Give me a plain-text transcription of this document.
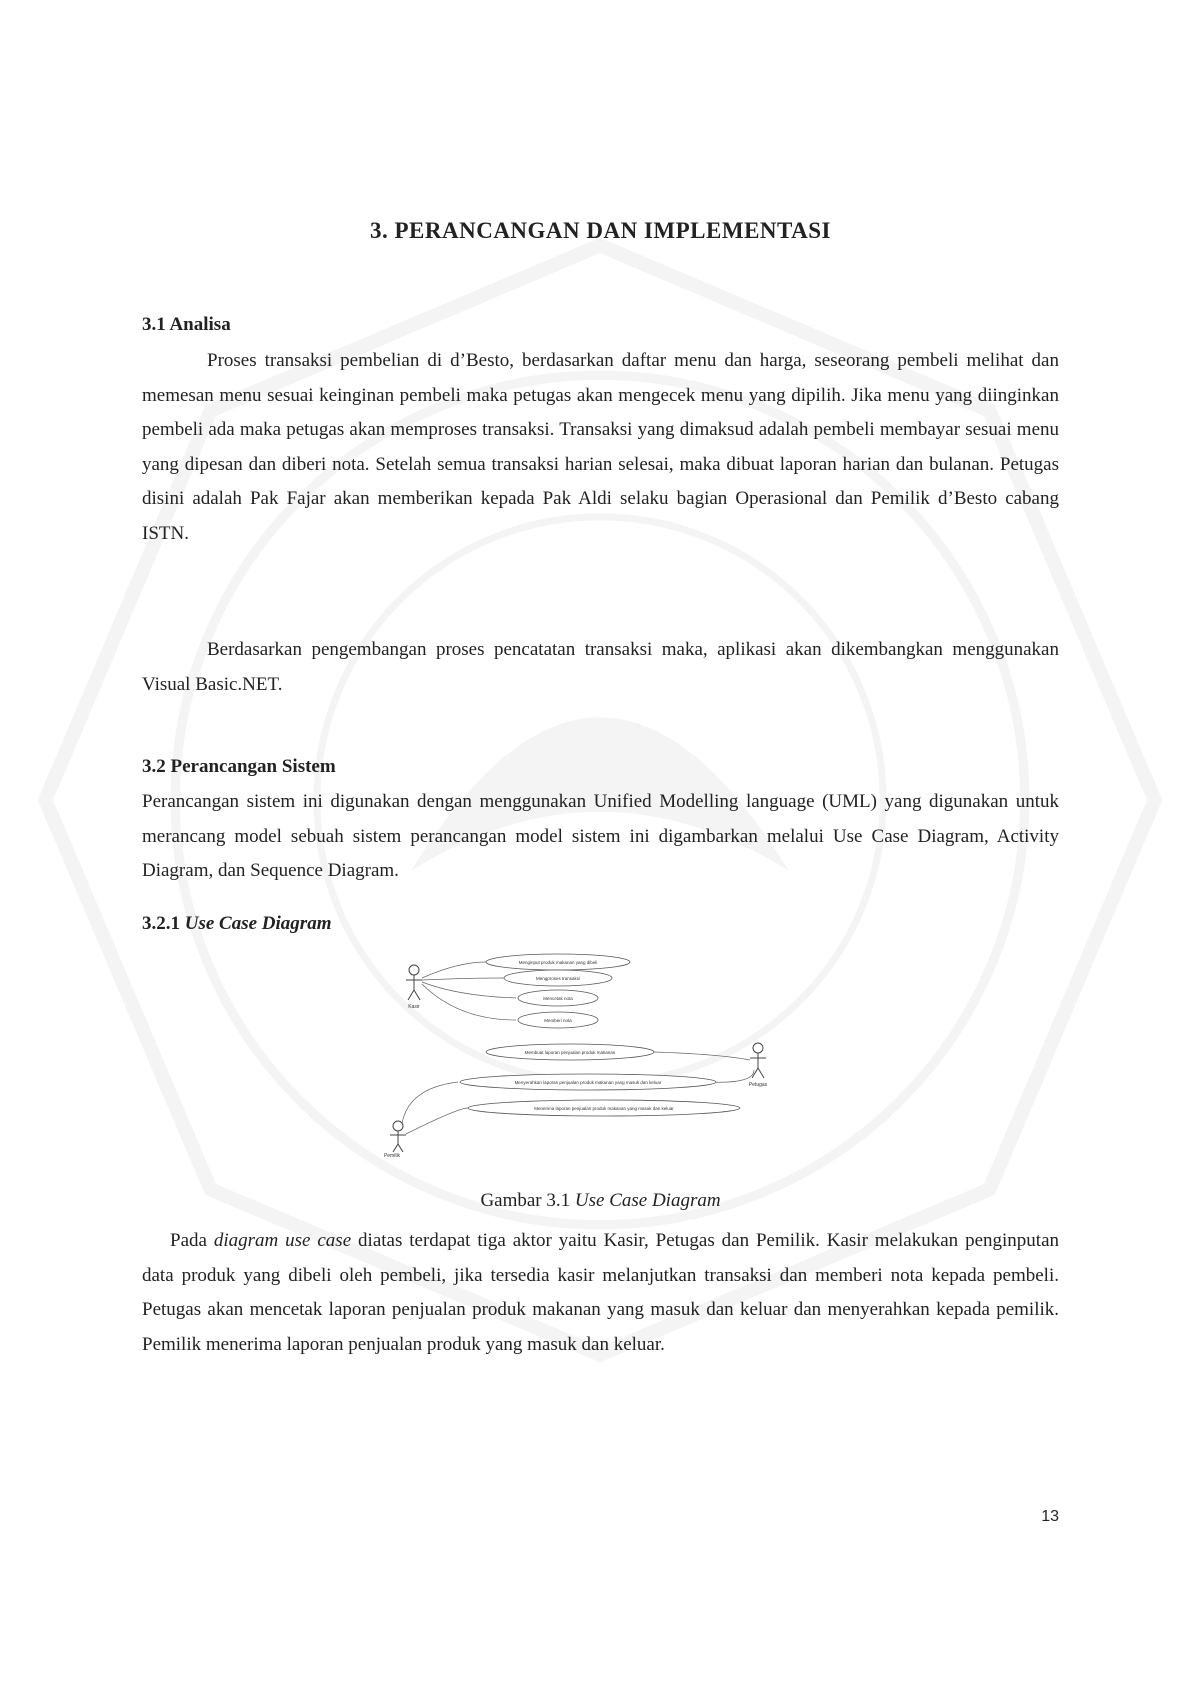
3. PERANCANGAN DAN IMPLEMENTASI
3.1 Analisa

Proses transaksi pembelian di d’Besto, berdasarkan daftar menu dan harga, seseorang pembeli melihat dan memesan menu sesuai keinginan pembeli maka petugas akan mengecek menu yang dipilih. Jika menu yang diinginkan pembeli ada maka petugas akan memproses transaksi. Transaksi yang dimaksud adalah pembeli membayar sesuai menu yang dipesan dan diberi nota. Setelah semua transaksi harian selesai, maka dibuat laporan harian dan bulanan. Petugas disini adalah Pak Fajar akan memberikan kepada Pak Aldi selaku bagian Operasional dan Pemilik d’Besto cabang ISTN.

Berdasarkan pengembangan proses pencatatan transaksi maka, aplikasi akan dikembangkan menggunakan Visual Basic.NET.

3.2 Perancangan Sistem

Perancangan sistem ini digunakan dengan menggunakan Unified Modelling language (UML) yang digunakan untuk merancang model sebuah sistem perancangan model sistem ini digambarkan melalui Use Case Diagram, Activity Diagram, dan Sequence Diagram.

3.2.1 Use Case Diagram
Kasir
Petugas
Pemilik
Menginput produk makanan yang dibeli
Mengproses transaksi
Mencetak nota
Memberi nota
Membuat laporan penjualan produk makanan
Menyerahkan laporan penjualan produk makanan yang masuk dan keluar
Menerima laporan penjualan produk makanan yang masuk dan keluar

Gambar 3.1 Use Case Diagram

Pada diagram use case diatas terdapat tiga aktor yaitu Kasir, Petugas dan Pemilik. Kasir melakukan penginputan data produk yang dibeli oleh pembeli, jika tersedia kasir melanjutkan transaksi dan memberi nota kepada pembeli. Petugas akan mencetak laporan penjualan produk makanan yang masuk dan keluar dan menyerahkan kepada pemilik. Pemilik menerima laporan penjualan produk yang masuk dan keluar.

13
